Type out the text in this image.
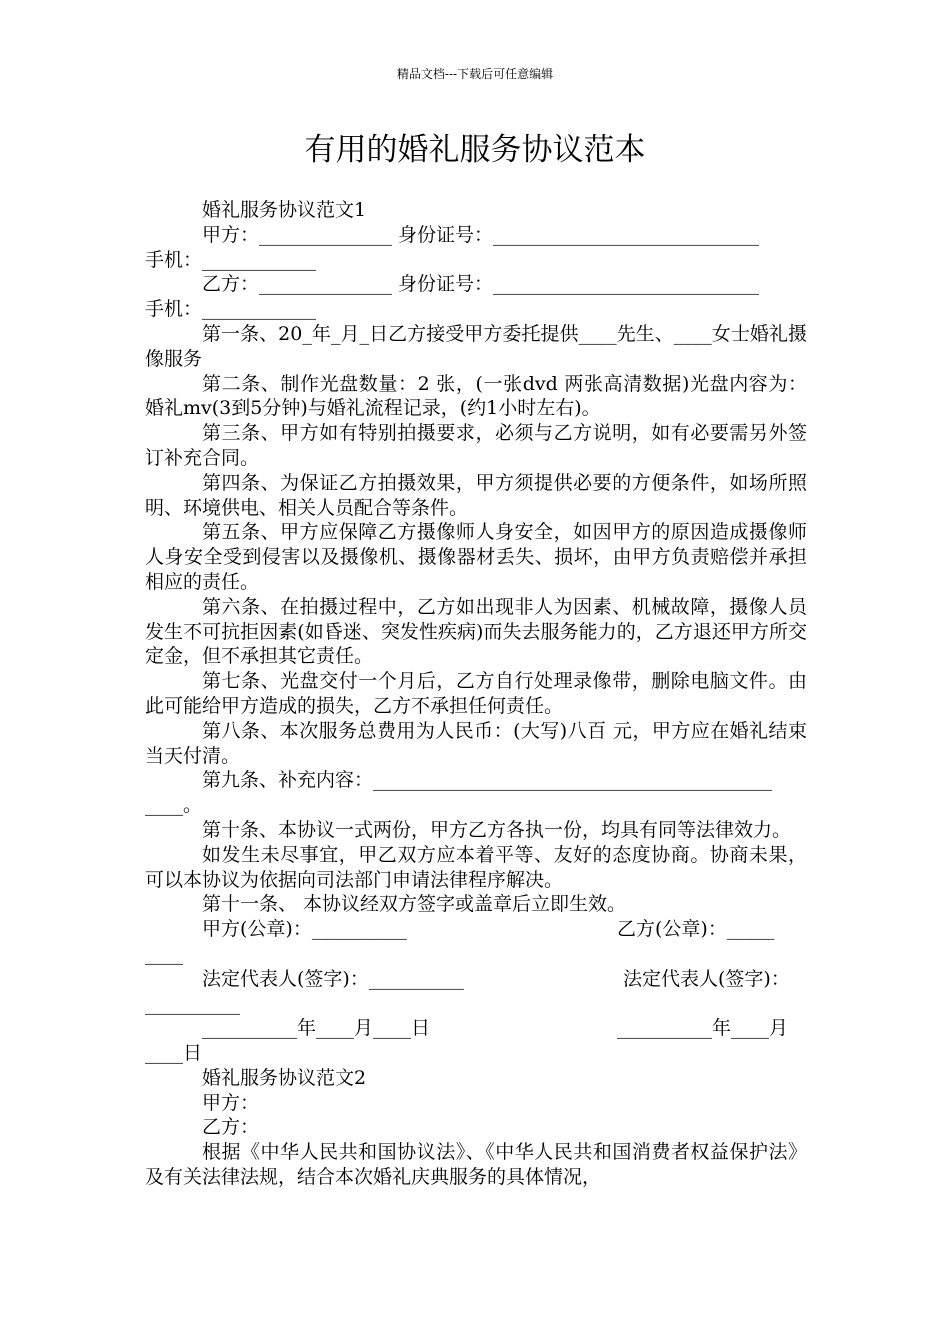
精品文档---下载后可任意编辑
有用的婚礼服务协议范本

婚礼服务协议范文1

甲方：______________ 身份证号：____________________________

手机：____________

乙方：______________ 身份证号：____________________________

手机：____________

第一条、20_年_月_日乙方接受甲方委托提供____先生、____女士婚礼摄像服务

第二条、制作光盘数量：2 张，(一张dvd 两张高清数据)光盘内容为：婚礼mv(3到5分钟)与婚礼流程记录，(约1小时左右)。

第三条、甲方如有特别拍摄要求，必须与乙方说明，如有必要需另外签订补充合同。

第四条、为保证乙方拍摄效果，甲方须提供必要的方便条件，如场所照明、环境供电、相关人员配合等条件。

第五条、甲方应保障乙方摄像师人身安全，如因甲方的原因造成摄像师人身安全受到侵害以及摄像机、摄像器材丢失、损坏，由甲方负责赔偿并承担相应的责任。

第六条、在拍摄过程中，乙方如出现非人为因素、机械故障，摄像人员发生不可抗拒因素(如昏迷、突发性疾病)而失去服务能力的，乙方退还甲方所交定金，但不承担其它责任。

第七条、光盘交付一个月后，乙方自行处理录像带，删除电脑文件。由此可能给甲方造成的损失，乙方不承担任何责任。

第八条、本次服务总费用为人民币：(大写)八百 元，甲方应在婚礼结束当天付清。

第九条、补充内容：__________________________________________

____。

第十条、本协议一式两份，甲方乙方各执一份，均具有同等法律效力。

如发生未尽事宜，甲乙双方应本着平等、友好的态度协商。协商未果，可以本协议为依据向司法部门申请法律程序解决。

第十一条、 本协议经双方签字或盖章后立即生效。

甲方(公章)：__________	乙方(公章)：_____
____
法定代表人(签字)：__________	法定代表人(签字)：
__________
__________年____月____日	__________年____月
____日

婚礼服务协议范文2

甲方：

乙方：

根据《中华人民共和国协议法》、《中华人民共和国消费者权益保护法》及有关法律法规，结合本次婚礼庆典服务的具体情况，
